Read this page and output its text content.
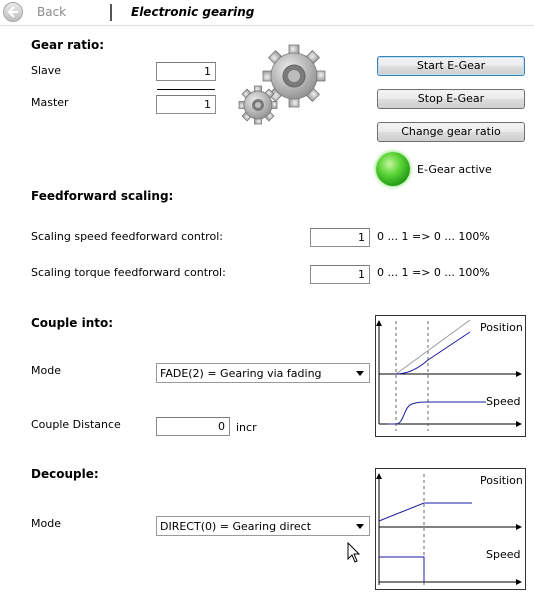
Back	Electronic gearing
Gear ratio:
Slave	1
Master	1
Start E-Gear
Stop E-Gear
Change gear ratio
E-Gear active
Feedforward scaling:
Scaling speed feedforward control:	1	0 ... 1 => 0 ... 100%
Scaling torque feedforward control:	1	0 ... 1 => 0 ... 100%
Couple into:
Mode	FADE(2) = Gearing via fading
Couple Distance	0	incr
Position
Speed
Decouple:
Mode	DIRECT(0) = Gearing direct
Position
Speed
